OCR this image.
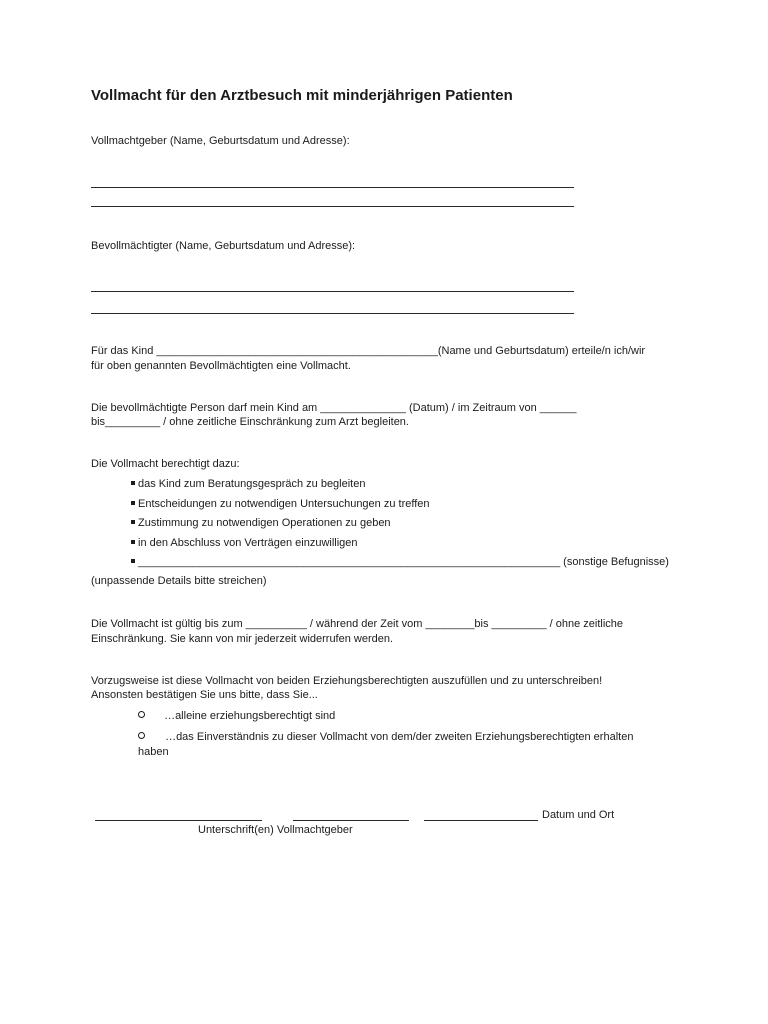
Vollmacht für den Arztbesuch mit minderjährigen Patienten
Vollmachtgeber (Name, Geburtsdatum und Adresse):
Bevollmächtigter (Name, Geburtsdatum und Adresse):
Für das Kind ______________________________________________(Name und Geburtsdatum) erteile/n ich/wir
für oben genannten Bevollmächtigten eine Vollmacht.
Die bevollmächtigte Person darf mein Kind am ______________ (Datum) / im Zeitraum von ______
bis_________ / ohne zeitliche Einschränkung zum Arzt begleiten.
Die Vollmacht berechtigt dazu:
das Kind zum Beratungsgespräch zu begleiten
Entscheidungen zu notwendigen Untersuchungen zu treffen
Zustimmung zu notwendigen Operationen zu geben
in den Abschluss von Verträgen einzuwilligen
_____________________________________________________________________ (sonstige Befugnisse)
(unpassende Details bitte streichen)
Die Vollmacht ist gültig bis zum __________ / während der Zeit vom ________bis _________ / ohne zeitliche
Einschränkung. Sie kann von mir jederzeit widerrufen werden.
Vorzugsweise ist diese Vollmacht von beiden Erziehungsberechtigten auszufüllen und zu unterschreiben!
Ansonsten bestätigen Sie uns bitte, dass Sie...
…alleine erziehungsberechtigt sind
…das Einverständnis zu dieser Vollmacht von dem/der zweiten Erziehungsberechtigten erhalten
haben
Datum und Ort
Unterschrift(en) Vollmachtgeber
